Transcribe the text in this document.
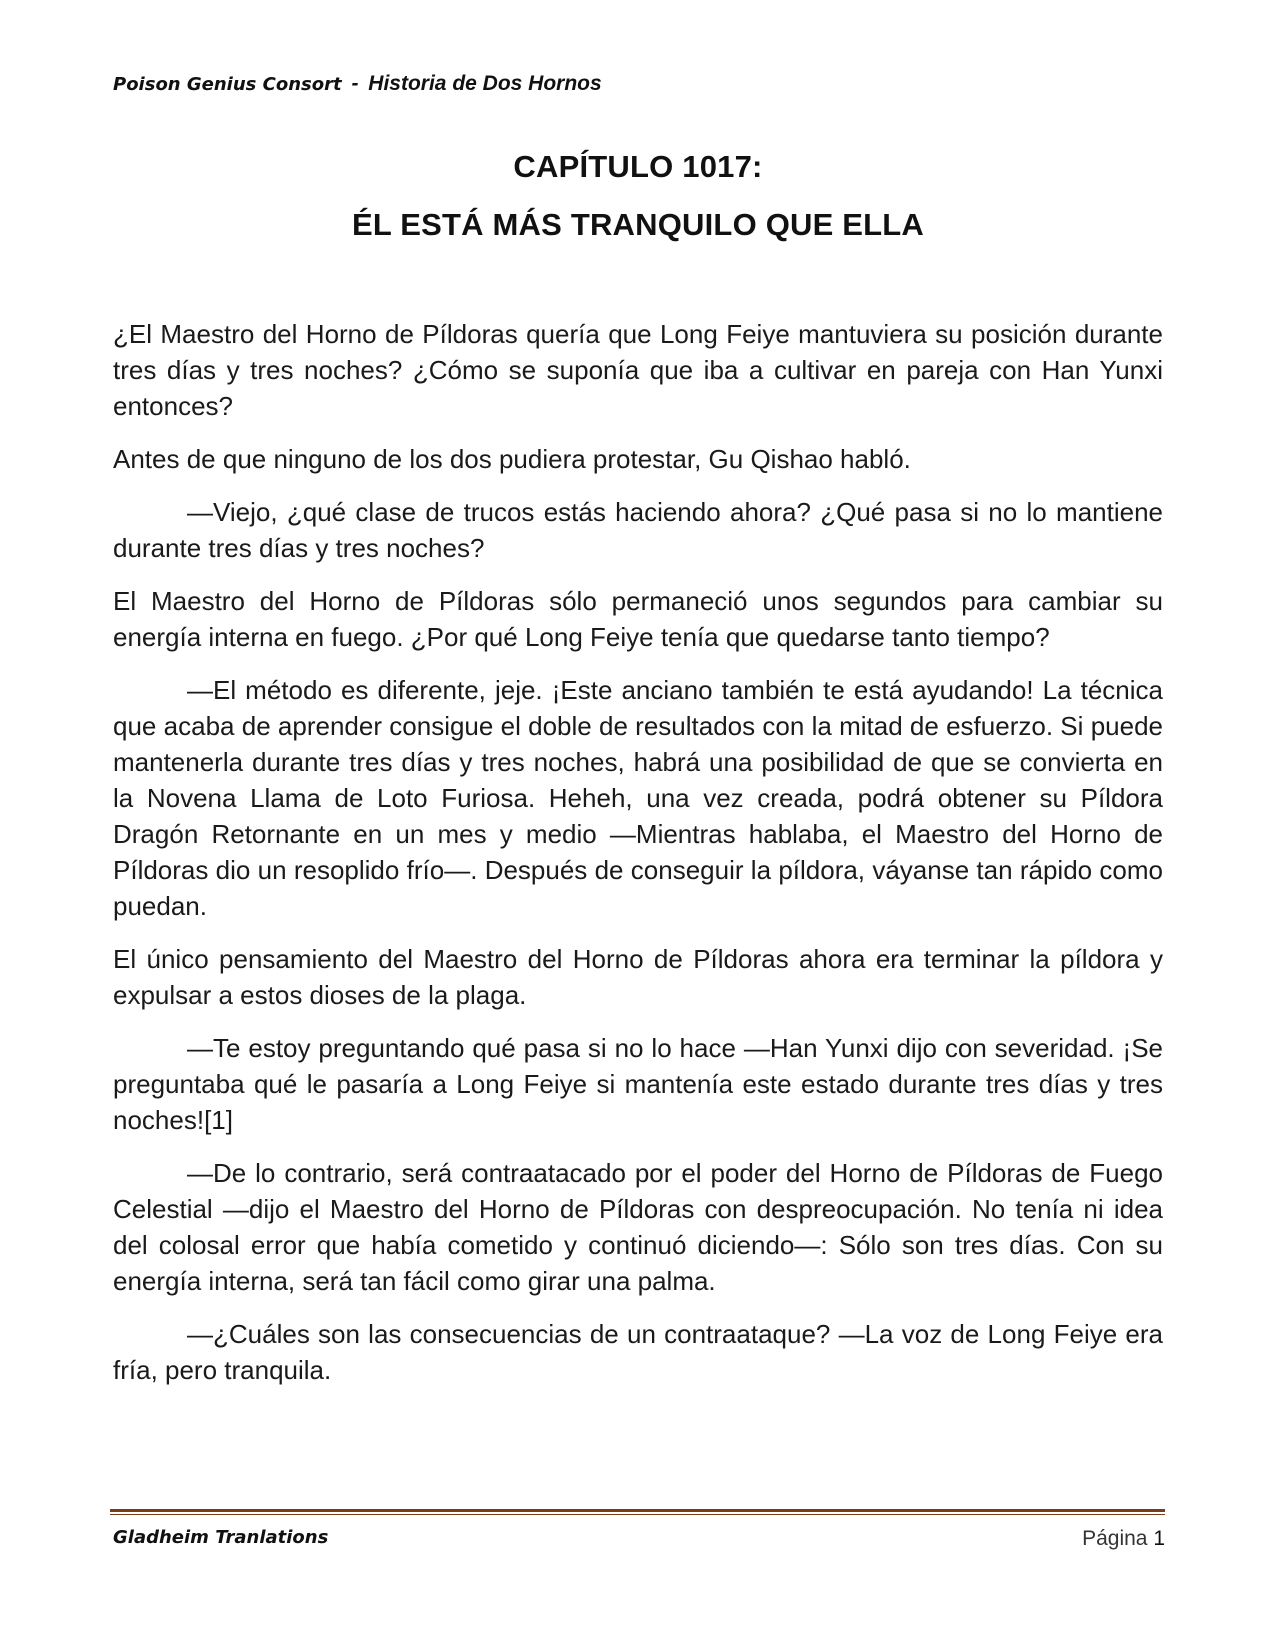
Poison Genius Consort - Historia de Dos Hornos
CAPÍTULO 1017:
ÉL ESTÁ MÁS TRANQUILO QUE ELLA

¿El Maestro del Horno de Píldoras quería que Long Feiye mantuviera su posición durante tres días y tres noches? ¿Cómo se suponía que iba a cultivar en pareja con Han Yunxi entonces?

Antes de que ninguno de los dos pudiera protestar, Gu Qishao habló.

—Viejo, ¿qué clase de trucos estás haciendo ahora? ¿Qué pasa si no lo mantiene durante tres días y tres noches?

El Maestro del Horno de Píldoras sólo permaneció unos segundos para cambiar su energía interna en fuego. ¿Por qué Long Feiye tenía que quedarse tanto tiempo?

—El método es diferente, jeje. ¡Este anciano también te está ayudando! La técnica que acaba de aprender consigue el doble de resultados con la mitad de esfuerzo. Si puede mantenerla durante tres días y tres noches, habrá una posibilidad de que se convierta en la Novena Llama de Loto Furiosa. Heheh, una vez creada, podrá obtener su Píldora Dragón Retornante en un mes y medio —Mientras hablaba, el Maestro del Horno de Píldoras dio un resoplido frío—. Después de conseguir la píldora, váyanse tan rápido como puedan.

El único pensamiento del Maestro del Horno de Píldoras ahora era terminar la píldora y expulsar a estos dioses de la plaga.

—Te estoy preguntando qué pasa si no lo hace —Han Yunxi dijo con severidad. ¡Se preguntaba qué le pasaría a Long Feiye si mantenía este estado durante tres días y tres noches![1]

—De lo contrario, será contraatacado por el poder del Horno de Píldoras de Fuego Celestial —dijo el Maestro del Horno de Píldoras con despreocupación. No tenía ni idea del colosal error que había cometido y continuó diciendo—: Sólo son tres días. Con su energía interna, será tan fácil como girar una palma.

—¿Cuáles son las consecuencias de un contraataque? —La voz de Long Feiye era fría, pero tranquila.

Gladheim Tranlations	Página 1
